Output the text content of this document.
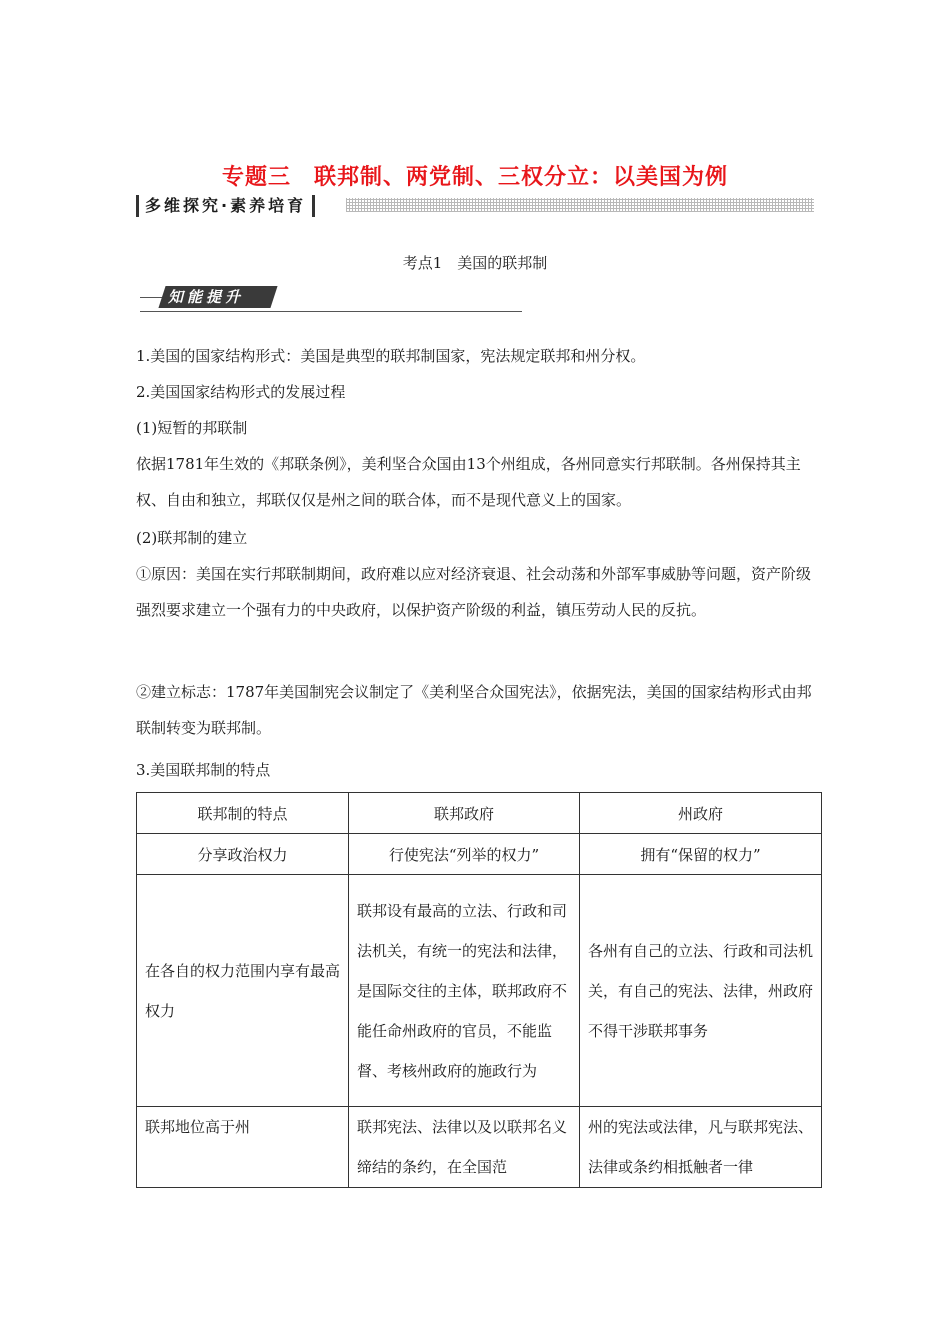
专题三　联邦制、两党制、三权分立：以美国为例
多维探究·素养培育
考点1　美国的联邦制
知能提升

1.美国的国家结构形式：美国是典型的联邦制国家，宪法规定联邦和州分权。

2.美国国家结构形式的发展过程

(1)短暂的邦联制

依据1781年生效的《邦联条例》，美利坚合众国由13个州组成，各州同意实行邦联制。各州保持其主权、自由和独立，邦联仅仅是州之间的联合体，而不是现代意义上的国家。

(2)联邦制的建立

①原因：美国在实行邦联制期间，政府难以应对经济衰退、社会动荡和外部军事威胁等问题，资产阶级强烈要求建立一个强有力的中央政府，以保护资产阶级的利益，镇压劳动人民的反抗。

②建立标志：1787年美国制宪会议制定了《美利坚合众国宪法》，依据宪法，美国的国家结构形式由邦联制转变为联邦制。

3.美国联邦制的特点

联邦制的特点	联邦政府	州政府
分享政治权力	行使宪法“列举的权力”	拥有“保留的权力”
在各自的权力范围内享有最高权力	联邦设有最高的立法、行政和司法机关，有统一的宪法和法律，是国际交往的主体，联邦政府不能任命州政府的官员，不能监督、考核州政府的施政行为	各州有自己的立法、行政和司法机关，有自己的宪法、法律，州政府不得干涉联邦事务
联邦地位高于州	联邦宪法、法律以及以联邦名义缔结的条约，在全国范	州的宪法或法律，凡与联邦宪法、法律或条约相抵触者一律
